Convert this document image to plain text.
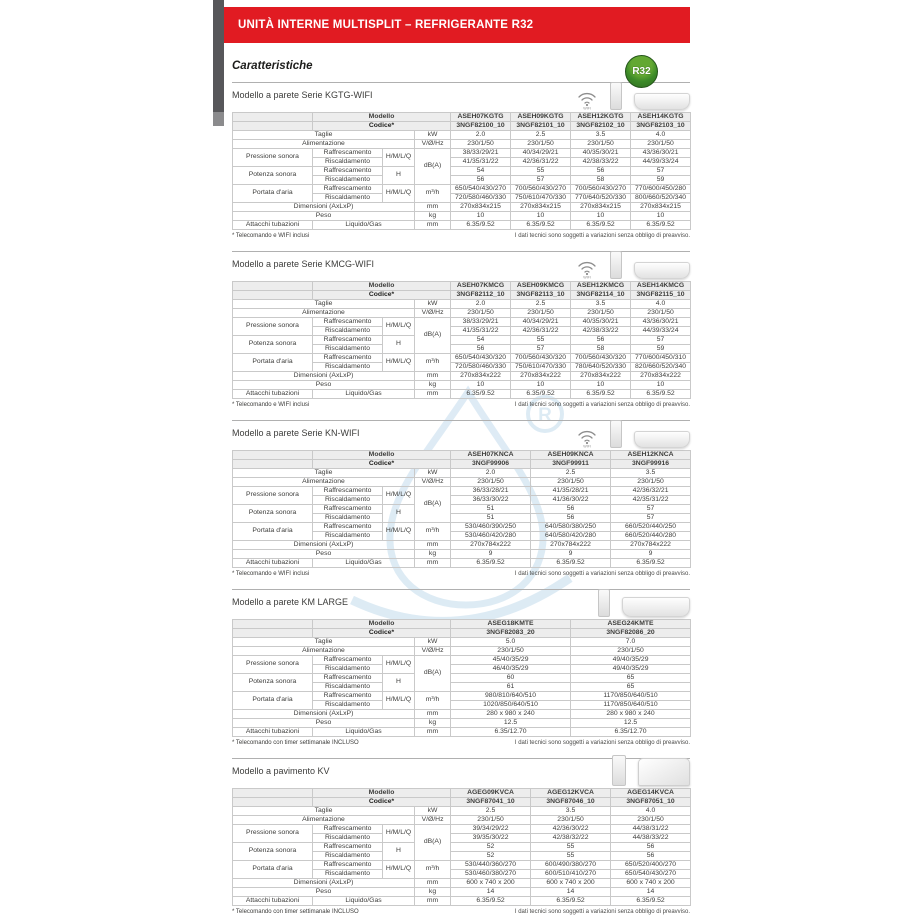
UNITÀ INTERNE MULTISPLIT – REFRIGERANTE R32
R
Caratteristiche	R32
Modello a parete Serie KGTG-WIFI
WIFI
	Modello			ASEH07KGTG	ASEH09KGTG	ASEH12KGTG	ASEH14KGTG
	Codice*			3NGF82100_10	3NGF82101_10	3NGF82102_10	3NGF82103_10
Taglie			kW	2.0	2.5	3.5	4.0
Alimentazione			V/Ø/Hz	230/1/50	230/1/50	230/1/50	230/1/50
Pressione sonora	Raffrescamento	H/M/L/Q	dB(A)	38/33/29/21	40/34/29/21	40/35/30/21	43/36/30/21
	Riscaldamento			41/35/31/22	42/36/31/22	42/38/33/22	44/39/33/24
Potenza sonora	Raffrescamento	H		54	55	56	57
	Riscaldamento			56	57	58	59
Portata d'aria	Raffrescamento	H/M/L/Q	m³/h	650/540/430/270	700/560/430/270	700/560/430/270	770/600/450/280
	Riscaldamento			720/580/460/330	750/610/470/330	770/640/520/330	800/660/520/340
Dimensioni (AxLxP)			mm	270x834x215	270x834x215	270x834x215	270x834x215
Peso			kg	10	10	10	10
Attacchi tubazioni	Liquido/Gas		mm	6.35/9.52	6.35/9.52	6.35/9.52	6.35/9.52
* Telecomando e WIFI inclusi	I dati tecnici sono soggetti a variazioni senza obbligo di preavviso.
Modello a parete Serie KMCG-WIFI
WIFI
	Modello			ASEH07KMCG	ASEH09KMCG	ASEH12KMCG	ASEH14KMCG
	Codice*			3NGF82112_10	3NGF82113_10	3NGF82114_10	3NGF82115_10
Taglie			kW	2.0	2.5	3.5	4.0
Alimentazione			V/Ø/Hz	230/1/50	230/1/50	230/1/50	230/1/50
Pressione sonora	Raffrescamento	H/M/L/Q	dB(A)	38/33/29/21	40/34/29/21	40/35/30/21	43/36/30/21
	Riscaldamento			41/35/31/22	42/36/31/22	42/38/33/22	44/39/33/24
Potenza sonora	Raffrescamento	H		54	55	56	57
	Riscaldamento			56	57	58	59
Portata d'aria	Raffrescamento	H/M/L/Q	m³/h	650/540/430/320	700/560/430/320	700/560/430/320	770/600/450/310
	Riscaldamento			720/580/460/330	750/610/470/330	780/640/520/330	820/660/520/340
Dimensioni (AxLxP)			mm	270x834x222	270x834x222	270x834x222	270x834x222
Peso			kg	10	10	10	10
Attacchi tubazioni	Liquido/Gas		mm	6.35/9.52	6.35/9.52	6.35/9.52	6.35/9.52
* Telecomando e WIFI inclusi	I dati tecnici sono soggetti a variazioni senza obbligo di preavviso.
Modello a parete Serie KN-WIFI
WIFI
	Modello			ASEH07KNCA	ASEH09KNCA	ASEH12KNCA
	Codice*			3NGF99906	3NGF99911	3NGF99916
Taglie			kW	2.0	2.5	3.5
Alimentazione			V/Ø/Hz	230/1/50	230/1/50	230/1/50
Pressione sonora	Raffrescamento	H/M/L/Q	dB(A)	36/33/28/21	41/35/28/21	42/36/32/21
	Riscaldamento			36/33/30/22	41/36/30/22	42/35/31/22
Potenza sonora	Raffrescamento	H		51	56	57
	Riscaldamento			51	56	57
Portata d'aria	Raffrescamento	H/M/L/Q	m³/h	530/460/390/250	640/580/380/250	660/520/440/250
	Riscaldamento			530/460/420/280	640/580/420/280	660/520/440/280
Dimensioni (AxLxP)			mm	270x784x222	270x784x222	270x784x222
Peso			kg	9	9	9
Attacchi tubazioni	Liquido/Gas		mm	6.35/9.52	6.35/9.52	6.35/9.52
* Telecomando e WIFI inclusi	I dati tecnici sono soggetti a variazioni senza obbligo di preavviso.
Modello a parete KM LARGE
	Modello			ASEG18KMTE	ASEG24KMTE
	Codice*			3NGF82083_20	3NGF82086_20
Taglie			kW	5.0	7.0
Alimentazione			V/Ø/Hz	230/1/50	230/1/50
Pressione sonora	Raffrescamento	H/M/L/Q	dB(A)	45/40/35/29	49/40/35/29
	Riscaldamento			46/40/35/29	49/40/35/29
Potenza sonora	Raffrescamento	H		60	65
	Riscaldamento			61	65
Portata d'aria	Raffrescamento	H/M/L/Q	m³/h	980/810/640/510	1170/850/640/510
	Riscaldamento			1020/850/640/510	1170/850/640/510
Dimensioni (AxLxP)			mm	280 x 980 x 240	280 x 980 x 240
Peso			kg	12.5	12.5
Attacchi tubazioni	Liquido/Gas		mm	6.35/12.70	6.35/12.70
* Telecomando con timer settimanale INCLUSO	I dati tecnici sono soggetti a variazioni senza obbligo di preavviso.
Modello a pavimento KV
	Modello			AGEG09KVCA	AGEG12KVCA	AGEG14KVCA
	Codice*			3NGF87041_10	3NGF87046_10	3NGF87051_10
Taglie			kW	2.5	3.5	4.0
Alimentazione			V/Ø/Hz	230/1/50	230/1/50	230/1/50
Pressione sonora	Raffrescamento	H/M/L/Q	dB(A)	39/34/29/22	42/36/30/22	44/38/31/22
	Riscaldamento			39/35/30/22	42/38/32/22	44/38/33/22
Potenza sonora	Raffrescamento	H		52	55	56
	Riscaldamento			52	55	56
Portata d'aria	Raffrescamento	H/M/L/Q	m³/h	530/440/360/270	600/490/380/270	650/520/400/270
	Riscaldamento			530/460/380/270	600/510/410/270	650/540/430/270
Dimensioni (AxLxP)			mm	600 x 740 x 200	600 x 740 x 200	600 x 740 x 200
Peso			kg	14	14	14
Attacchi tubazioni	Liquido/Gas		mm	6.35/9.52	6.35/9.52	6.35/9.52
* Telecomando con timer settimanale INCLUSO	I dati tecnici sono soggetti a variazioni senza obbligo di preavviso.
